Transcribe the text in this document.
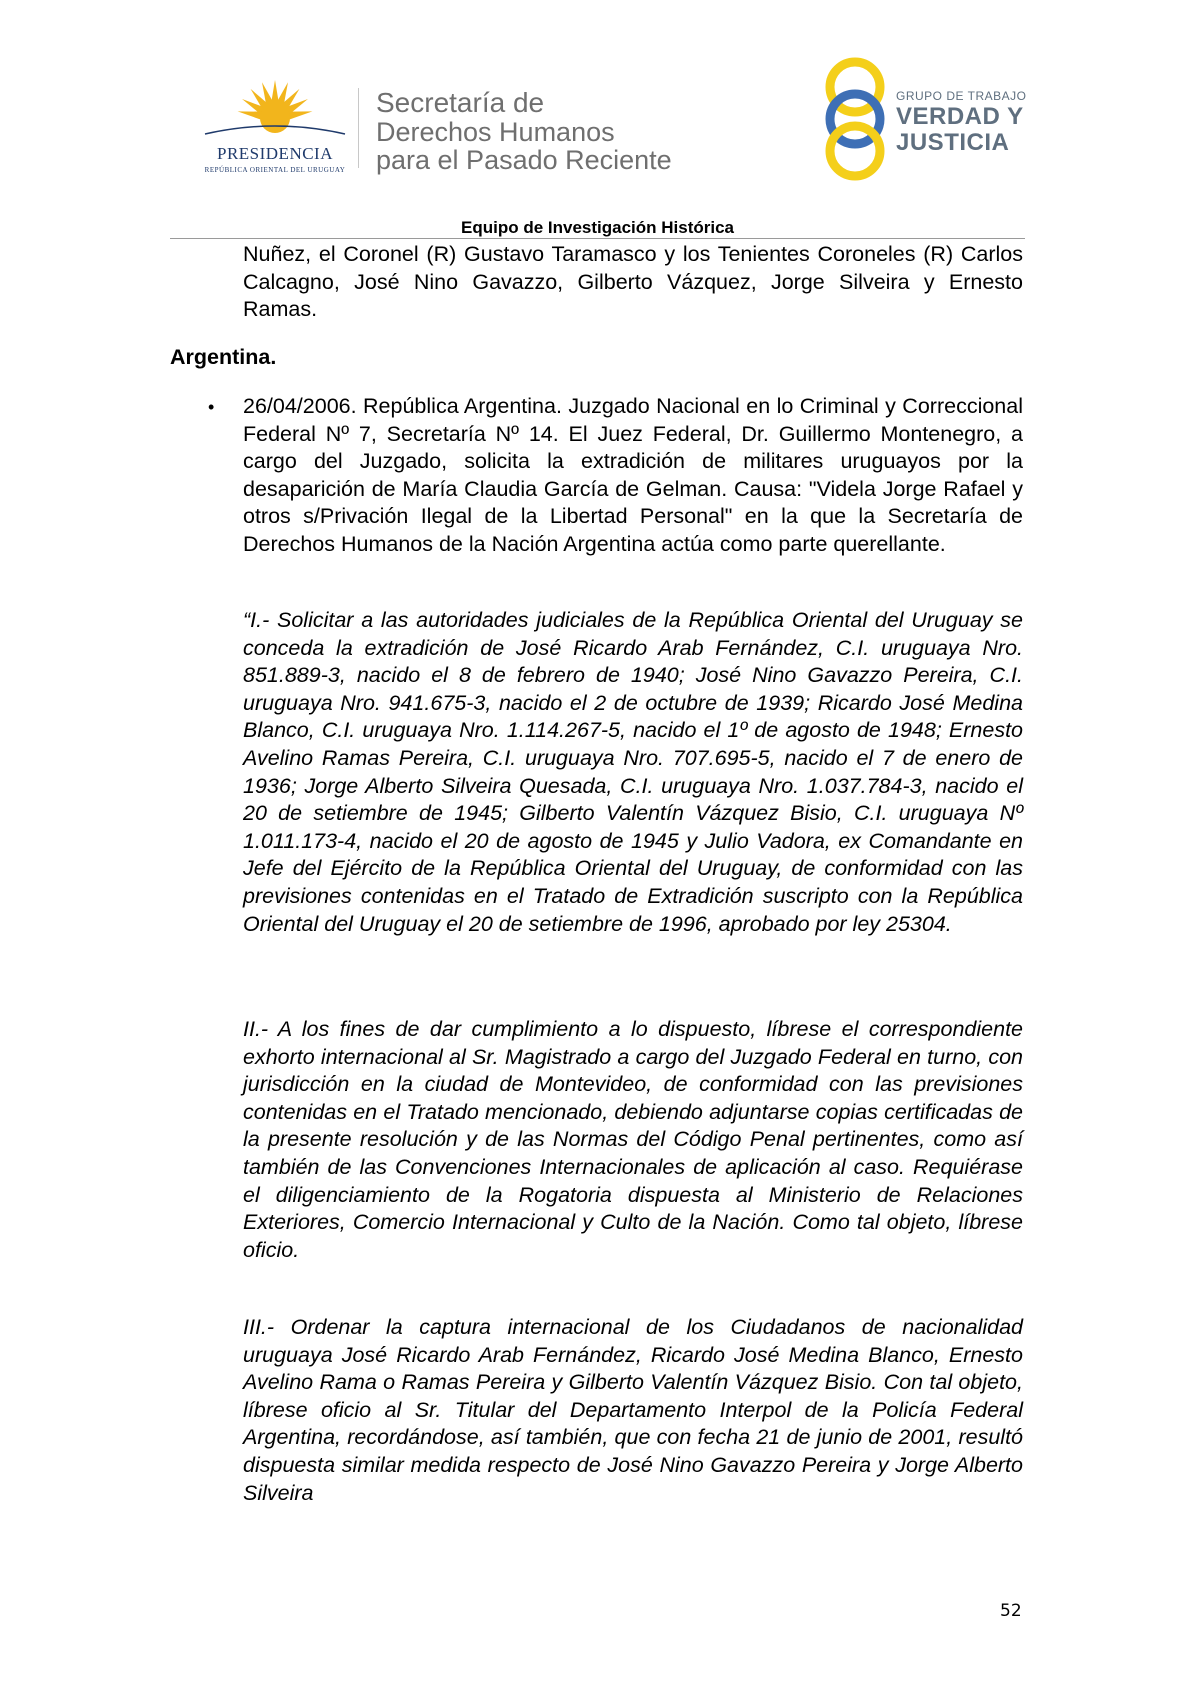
PRESIDENCIA
REPÚBLICA ORIENTAL DEL URUGUAY
Secretaría de
Derechos Humanos
para el Pasado Reciente
GRUPO DE TRABAJO
VERDAD Y
JUSTICIA
Equipo de Investigación Histórica
Nuñez, el Coronel (R) Gustavo Taramasco y los Tenientes Coroneles (R) Carlos Calcagno, José Nino Gavazzo, Gilberto Vázquez, Jorge Silveira y Ernesto Ramas.
Argentina.
• 26/04/2006. República Argentina. Juzgado Nacional en lo Criminal y Correccional Federal Nº 7, Secretaría Nº 14. El Juez Federal, Dr. Guillermo Montenegro, a cargo del Juzgado, solicita la extradición de militares uruguayos por la desaparición de María Claudia García de Gelman. Causa: "Videla Jorge Rafael y otros s/Privación Ilegal de la Libertad Personal" en la que la Secretaría de Derechos Humanos de la Nación Argentina actúa como parte querellante.
“I.- Solicitar a las autoridades judiciales de la República Oriental del Uruguay se conceda la extradición de José Ricardo Arab Fernández, C.I. uruguaya Nro. 851.889-3, nacido el 8 de febrero de 1940; José Nino Gavazzo Pereira, C.I. uruguaya Nro. 941.675-3, nacido el 2 de octubre de 1939; Ricardo José Medina Blanco, C.I. uruguaya Nro. 1.114.267-5, nacido el 1º de agosto de 1948; Ernesto Avelino Ramas Pereira, C.I. uruguaya Nro. 707.695-5, nacido el 7 de enero de 1936; Jorge Alberto Silveira Quesada, C.I. uruguaya Nro. 1.037.784-3, nacido el 20 de setiembre de 1945; Gilberto Valentín Vázquez Bisio, C.I. uruguaya Nº 1.011.173-4, nacido el 20 de agosto de 1945 y Julio Vadora, ex Comandante en Jefe del Ejército de la República Oriental del Uruguay, de conformidad con las previsiones contenidas en el Tratado de Extradición suscripto con la República Oriental del Uruguay el 20 de setiembre de 1996, aprobado por ley 25304.
II.- A los fines de dar cumplimiento a lo dispuesto, líbrese el correspondiente exhorto internacional al Sr. Magistrado a cargo del Juzgado Federal en turno, con jurisdicción en la ciudad de Montevideo, de conformidad con las previsiones contenidas en el Tratado mencionado, debiendo adjuntarse copias certificadas de la presente resolución y de las Normas del Código Penal pertinentes, como así también de las Convenciones Internacionales de aplicación al caso. Requiérase el diligenciamiento de la Rogatoria dispuesta al Ministerio de Relaciones Exteriores, Comercio Internacional y Culto de la Nación. Como tal objeto, líbrese oficio.
III.- Ordenar la captura internacional de los Ciudadanos de nacionalidad uruguaya José Ricardo Arab Fernández, Ricardo José Medina Blanco, Ernesto Avelino Rama o Ramas Pereira y Gilberto Valentín Vázquez Bisio. Con tal objeto, líbrese oficio al Sr. Titular del Departamento Interpol de la Policía Federal Argentina, recordándose, así también, que con fecha 21 de junio de 2001, resultó dispuesta similar medida respecto de José Nino Gavazzo Pereira y Jorge Alberto Silveira
52
